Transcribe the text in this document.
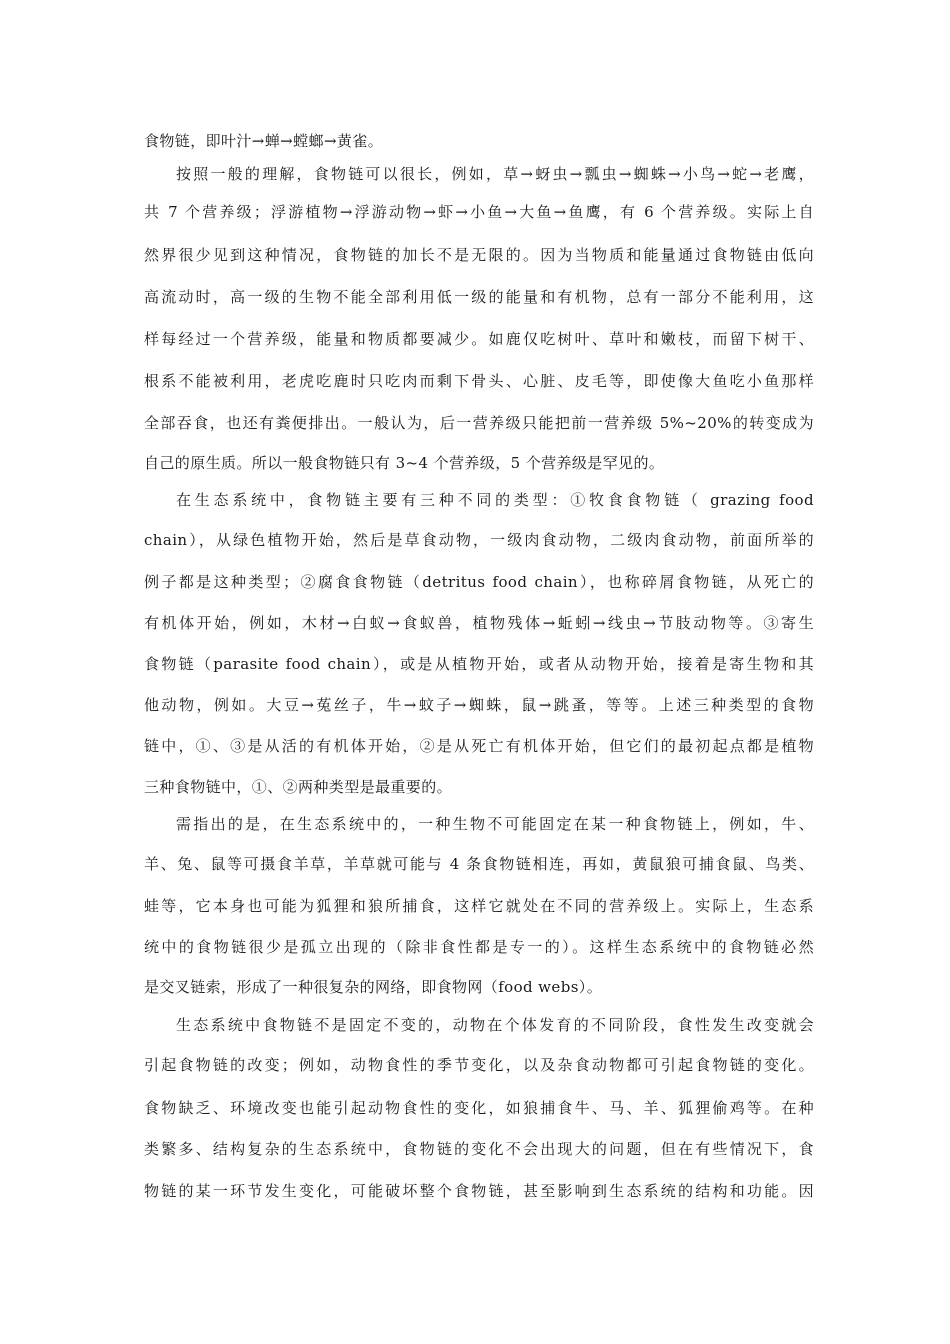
食物链，即叶汁→蝉→螳螂→黄雀。
按照一般的理解，食物链可以很长，例如，草→蚜虫→瓢虫→蜘蛛→小鸟→蛇→老鹰，
共 7 个营养级；浮游植物→浮游动物→虾→小鱼→大鱼→鱼鹰，有 6 个营养级。实际上自
然界很少见到这种情况，食物链的加长不是无限的。因为当物质和能量通过食物链由低向
高流动时，高一级的生物不能全部利用低一级的能量和有机物，总有一部分不能利用，这
样每经过一个营养级，能量和物质都要减少。如鹿仅吃树叶、草叶和嫩枝，而留下树干、
根系不能被利用，老虎吃鹿时只吃肉而剩下骨头、心脏、皮毛等，即使像大鱼吃小鱼那样
全部吞食，也还有粪便排出。一般认为，后一营养级只能把前一营养级 5%~20%的转变成为
自己的原生质。所以一般食物链只有 3~4 个营养级，5 个营养级是罕见的。
在生态系统中，食物链主要有三种不同的类型：①牧食食物链（ grazing food
chain），从绿色植物开始，然后是草食动物，一级肉食动物，二级肉食动物，前面所举的
例子都是这种类型；②腐食食物链（detritus food chain），也称碎屑食物链，从死亡的
有机体开始，例如，木材→白蚁→食蚁兽，植物残体→蚯蚓→线虫→节肢动物等。③寄生
食物链（parasite food chain），或是从植物开始，或者从动物开始，接着是寄生物和其
他动物，例如。大豆→菟丝子，牛→蚊子→蜘蛛，鼠→跳蚤，等等。上述三种类型的食物
链中，①、③是从活的有机体开始，②是从死亡有机体开始，但它们的最初起点都是植物
三种食物链中，①、②两种类型是最重要的。
需指出的是，在生态系统中的，一种生物不可能固定在某一种食物链上，例如，牛、
羊、兔、鼠等可摄食羊草，羊草就可能与 4 条食物链相连，再如，黄鼠狼可捕食鼠、鸟类、
蛙等，它本身也可能为狐狸和狼所捕食，这样它就处在不同的营养级上。实际上，生态系
统中的食物链很少是孤立出现的（除非食性都是专一的）。这样生态系统中的食物链必然
是交叉链索，形成了一种很复杂的网络，即食物网（food webs）。
生态系统中食物链不是固定不变的，动物在个体发育的不同阶段，食性发生改变就会
引起食物链的改变；例如，动物食性的季节变化，以及杂食动物都可引起食物链的变化。
食物缺乏、环境改变也能引起动物食性的变化，如狼捕食牛、马、羊、狐狸偷鸡等。在种
类繁多、结构复杂的生态系统中，食物链的变化不会出现大的问题，但在有些情况下，食
物链的某一环节发生变化，可能破坏整个食物链，甚至影响到生态系统的结构和功能。因
